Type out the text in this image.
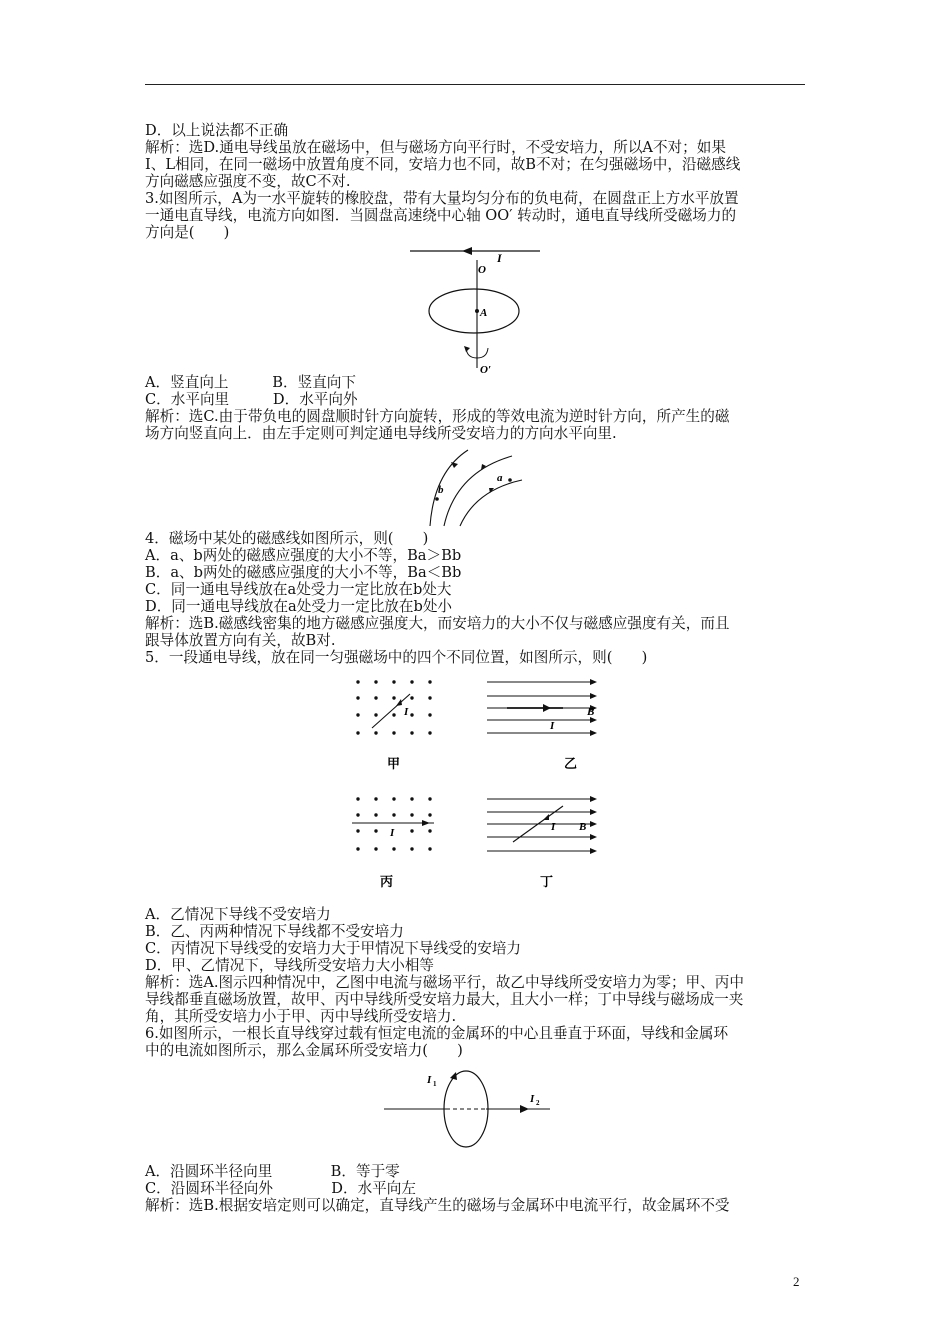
D．以上说法都不正确
解析：选D.通电导线虽放在磁场中，但与磁场方向平行时，不受安培力，所以A不对；如果
I、L相同，在同一磁场中放置角度不同，安培力也不同，故B不对；在匀强磁场中，沿磁感线
方向磁感应强度不变，故C不对.
3.如图所示，A为一水平旋转的橡胶盘，带有大量均匀分布的负电荷，在圆盘正上方水平放置
一通电直导线，电流方向如图．当圆盘高速绕中心轴 OO′ 转动时，通电直导线所受磁场力的
方向是(　　)
I
O
A
O′
A．竖直向上　　　B．竖直向下
C．水平向里　　　D．水平向外
解析：选C.由于带负电的圆盘顺时针方向旋转，形成的等效电流为逆时针方向，所产生的磁
场方向竖直向上．由左手定则可判定通电导线所受安培力的方向水平向里.
b
a
4．磁场中某处的磁感线如图所示，则(　　)
A．a、b两处的磁感应强度的大小不等，Ba＞Bb
B．a、b两处的磁感应强度的大小不等，Ba＜Bb
C．同一通电导线放在a处受力一定比放在b处大
D．同一通电导线放在a处受力一定比放在b处小
解析：选B.磁感线密集的地方磁感应强度大，而安培力的大小不仅与磁感应强度有关，而且
跟导体放置方向有关，故B对.
5．一段通电导线，放在同一匀强磁场中的四个不同位置，如图所示，则(　　)
I
甲
B
I
乙
I
丙
I B
丁
A．乙情况下导线不受安培力
B．乙、丙两种情况下导线都不受安培力
C．丙情况下导线受的安培力大于甲情况下导线受的安培力
D．甲、乙情况下，导线所受安培力大小相等
解析：选A.图示四种情况中，乙图中电流与磁场平行，故乙中导线所受安培力为零；甲、丙中
导线都垂直磁场放置，故甲、丙中导线所受安培力最大，且大小一样；丁中导线与磁场成一夹
角，其所受安培力小于甲、丙中导线所受安培力.
6.如图所示，一根长直导线穿过载有恒定电流的金属环的中心且垂直于环面，导线和金属环
中的电流如图所示，那么金属环所受安培力(　　)
I 1
I 2
A．沿圆环半径向里　　　　B．等于零
C．沿圆环半径向外　　　　D．水平向左
解析：选B.根据安培定则可以确定，直导线产生的磁场与金属环中电流平行，故金属环不受
2
